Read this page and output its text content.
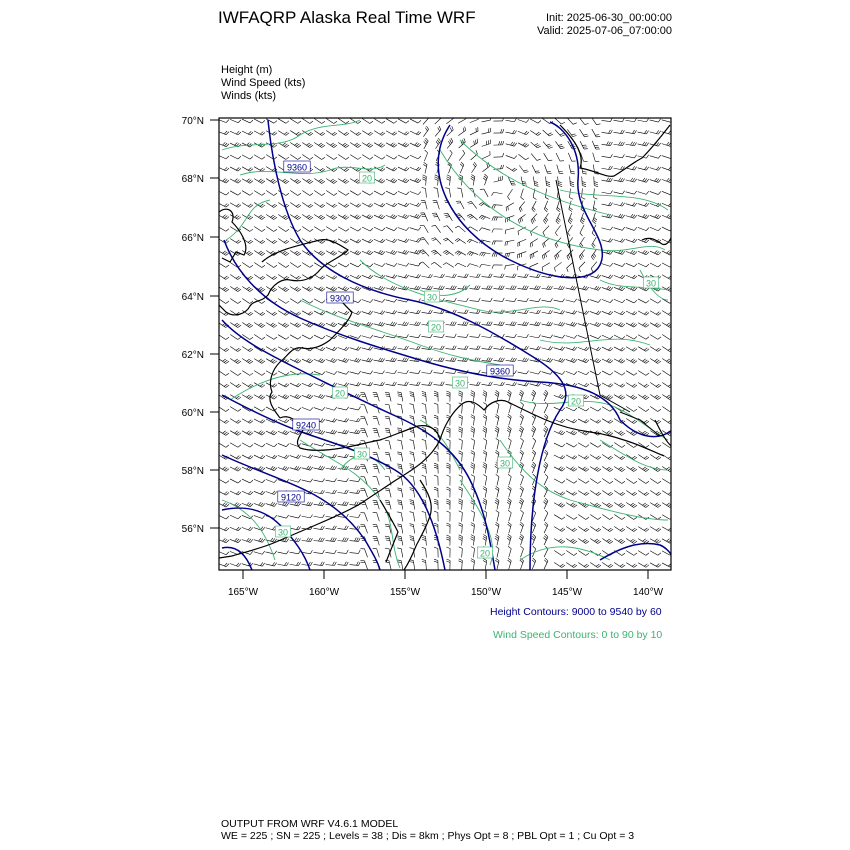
IWFAQRP Alaska Real Time WRF	Init: 2025-06-30_00:00:00
Valid: 2025-07-06_07:00:00
Height (m)
Wind Speed (kts)
Winds (kts)
9360
9300
9360
9240
9120
20
30
30
20
30
30
30
20
30
20
20
70°N
68°N
66°N
64°N
62°N
60°N
58°N
56°N
165°W	160°W	155°W	150°W	145°W	140°W
Height Contours: 9000 to 9540 by 60
Wind Speed Contours: 0 to 90 by 10
OUTPUT FROM WRF V4.6.1 MODEL
WE = 225 ; SN = 225 ; Levels = 38 ; Dis = 8km ; Phys Opt = 8 ; PBL Opt = 1 ; Cu Opt = 3
